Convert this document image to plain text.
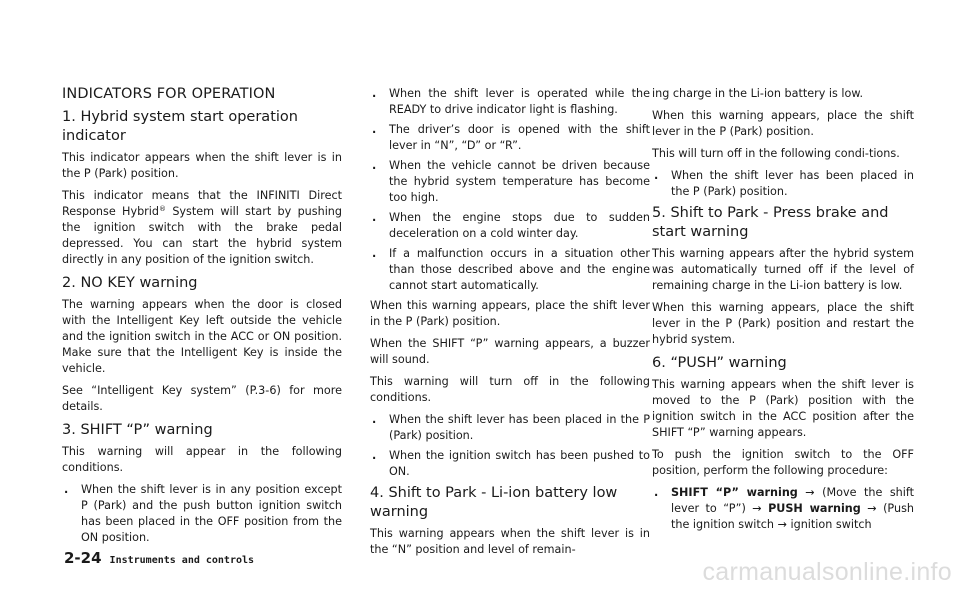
INDICATORS FOR OPERATION
1. Hybrid system start operation indicator

This indicator appears when the shift lever is in the P (Park) position.

This indicator means that the INFINITI Direct Response Hybrid® System will start by pushing the ignition switch with the brake pedal depressed. You can start the hybrid system directly in any position of the ignition switch.

2. NO KEY warning

The warning appears when the door is closed with the Intelligent Key left outside the vehicle and the ignition switch in the ACC or ON position. Make sure that the Intelligent Key is inside the vehicle.

See “Intelligent Key system” (P.3-6) for more details.

3. SHIFT “P” warning

This warning will appear in the following conditions.

. When the shift lever is in any position except P (Park) and the push button ignition switch has been placed in the OFF position from the ON position.
. When the shift lever is operated while the READY to drive indicator light is flashing.
. The driver’s door is opened with the shift lever in “N”, “D” or “R”.
. When the vehicle cannot be driven because the hybrid system temperature has become too high.
. When the engine stops due to sudden deceleration on a cold winter day.
. If a malfunction occurs in a situation other than those described above and the engine cannot start automatically.

When this warning appears, place the shift lever in the P (Park) position.

When the SHIFT “P” warning appears, a buzzer will sound.

This warning will turn off in the following conditions.

. When the shift lever has been placed in the P (Park) position.
. When the ignition switch has been pushed to ON.
4. Shift to Park - Li-ion battery low warning

This warning appears when the shift lever is in the “N” position and level of remain-

ing charge in the Li-ion battery is low.

When this warning appears, place the shift lever in the P (Park) position.

This will turn off in the following condi-tions.

. When the shift lever has been placed in the P (Park) position.
5. Shift to Park - Press brake and start warning

This warning appears after the hybrid system was automatically turned off if the level of remaining charge in the Li-ion battery is low.

When this warning appears, place the shift lever in the P (Park) position and restart the hybrid system.

6. “PUSH” warning

This warning appears when the shift lever is moved to the P (Park) position with the ignition switch in the ACC position after the SHIFT “P” warning appears.

To push the ignition switch to the OFF position, perform the following procedure:

. SHIFT “P” warning → (Move the shift lever to “P”) → PUSH warning → (Push the ignition switch → ignition switch
2-24 Instruments and controls	carmanualsonline.info
